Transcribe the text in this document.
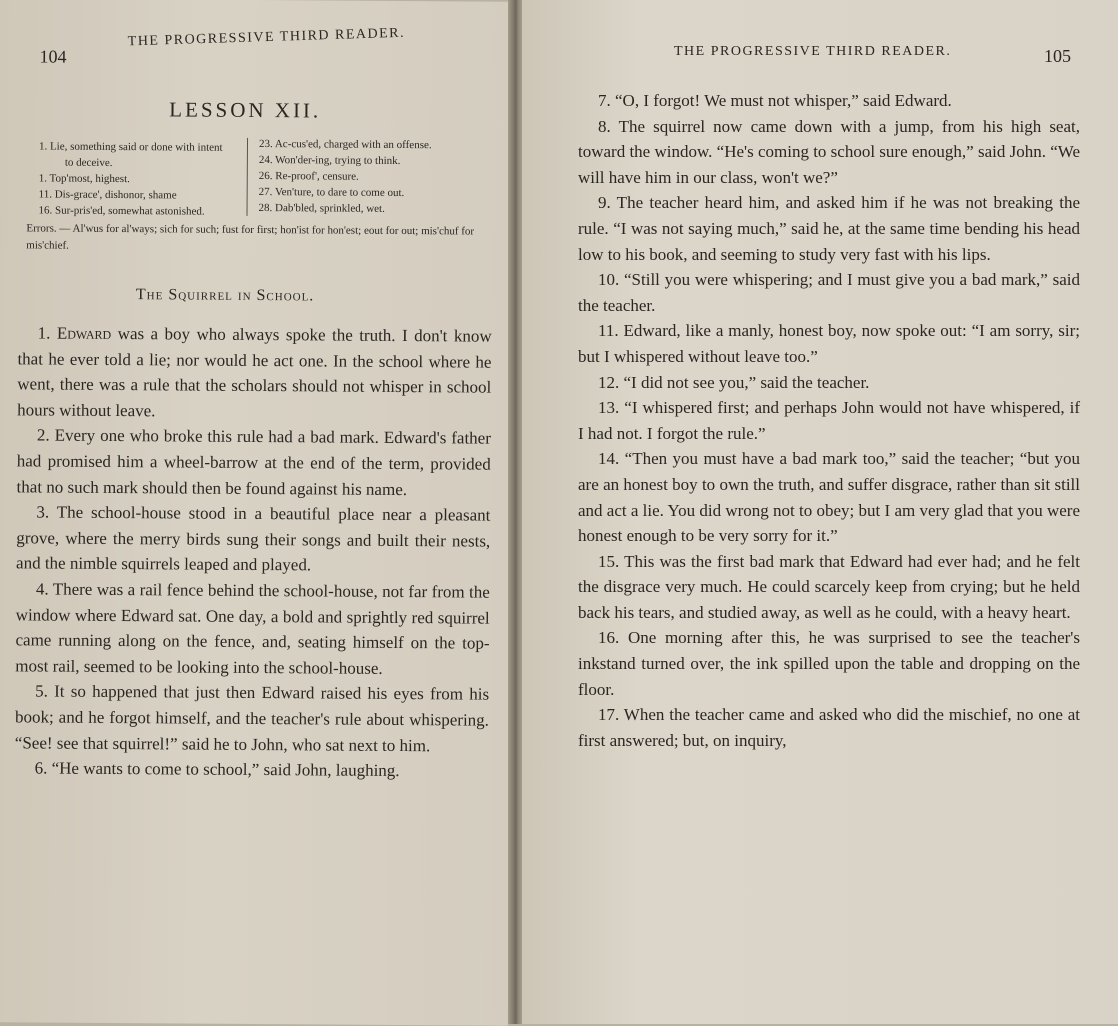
104
THE PROGRESSIVE THIRD READER.
LESSON XII.
1. Lie, something said or done with intent
to deceive.
1. Top'most, highest.
11. Dis-grace', dishonor, shame
16. Sur-pris'ed, somewhat astonished.
23. Ac-cus'ed, charged with an offense.
24. Won'der-ing, trying to think.
26. Re-proof', censure.
27. Ven'ture, to dare to come out.
28. Dab'bled, sprinkled, wet.
Errors. — Al'wus for al'ways; sich for such; fust for first; hon'ist for hon'est; eout for out; mis'chuf for mis'chief.
The Squirrel in School.

1. Edward was a boy who always spoke the truth. I don't know that he ever told a lie; nor would he act one. In the school where he went, there was a rule that the scholars should not whisper in school hours without leave.

2. Every one who broke this rule had a bad mark. Edward's father had promised him a wheel-barrow at the end of the term, provided that no such mark should then be found against his name.

3. The school-house stood in a beautiful place near a pleasant grove, where the merry birds sung their songs and built their nests, and the nimble squirrels leaped and played.

4. There was a rail fence behind the school-house, not far from the window where Edward sat. One day, a bold and sprightly red squirrel came running along on the fence, and, seating himself on the top-most rail, seemed to be looking into the school-house.

5. It so happened that just then Edward raised his eyes from his book; and he forgot himself, and the teacher's rule about whispering. “See! see that squirrel!” said he to John, who sat next to him.

6. “He wants to come to school,” said John, laughing.

THE PROGRESSIVE THIRD READER.	105

7. “O, I forgot! We must not whisper,” said Edward.

8. The squirrel now came down with a jump, from his high seat, toward the window. “He's coming to school sure enough,” said John. “We will have him in our class, won't we?”

9. The teacher heard him, and asked him if he was not breaking the rule. “I was not saying much,” said he, at the same time bending his head low to his book, and seeming to study very fast with his lips.

10. “Still you were whispering; and I must give you a bad mark,” said the teacher.

11. Edward, like a manly, honest boy, now spoke out: “I am sorry, sir; but I whispered without leave too.”

12. “I did not see you,” said the teacher.

13. “I whispered first; and perhaps John would not have whispered, if I had not. I forgot the rule.”

14. “Then you must have a bad mark too,” said the teacher; “but you are an honest boy to own the truth, and suffer disgrace, rather than sit still and act a lie. You did wrong not to obey; but I am very glad that you were honest enough to be very sorry for it.”

15. This was the first bad mark that Edward had ever had; and he felt the disgrace very much. He could scarcely keep from crying; but he held back his tears, and studied away, as well as he could, with a heavy heart.

16. One morning after this, he was surprised to see the teacher's inkstand turned over, the ink spilled upon the table and dropping on the floor.

17. When the teacher came and asked who did the mischief, no one at first answered; but, on inquiry,
